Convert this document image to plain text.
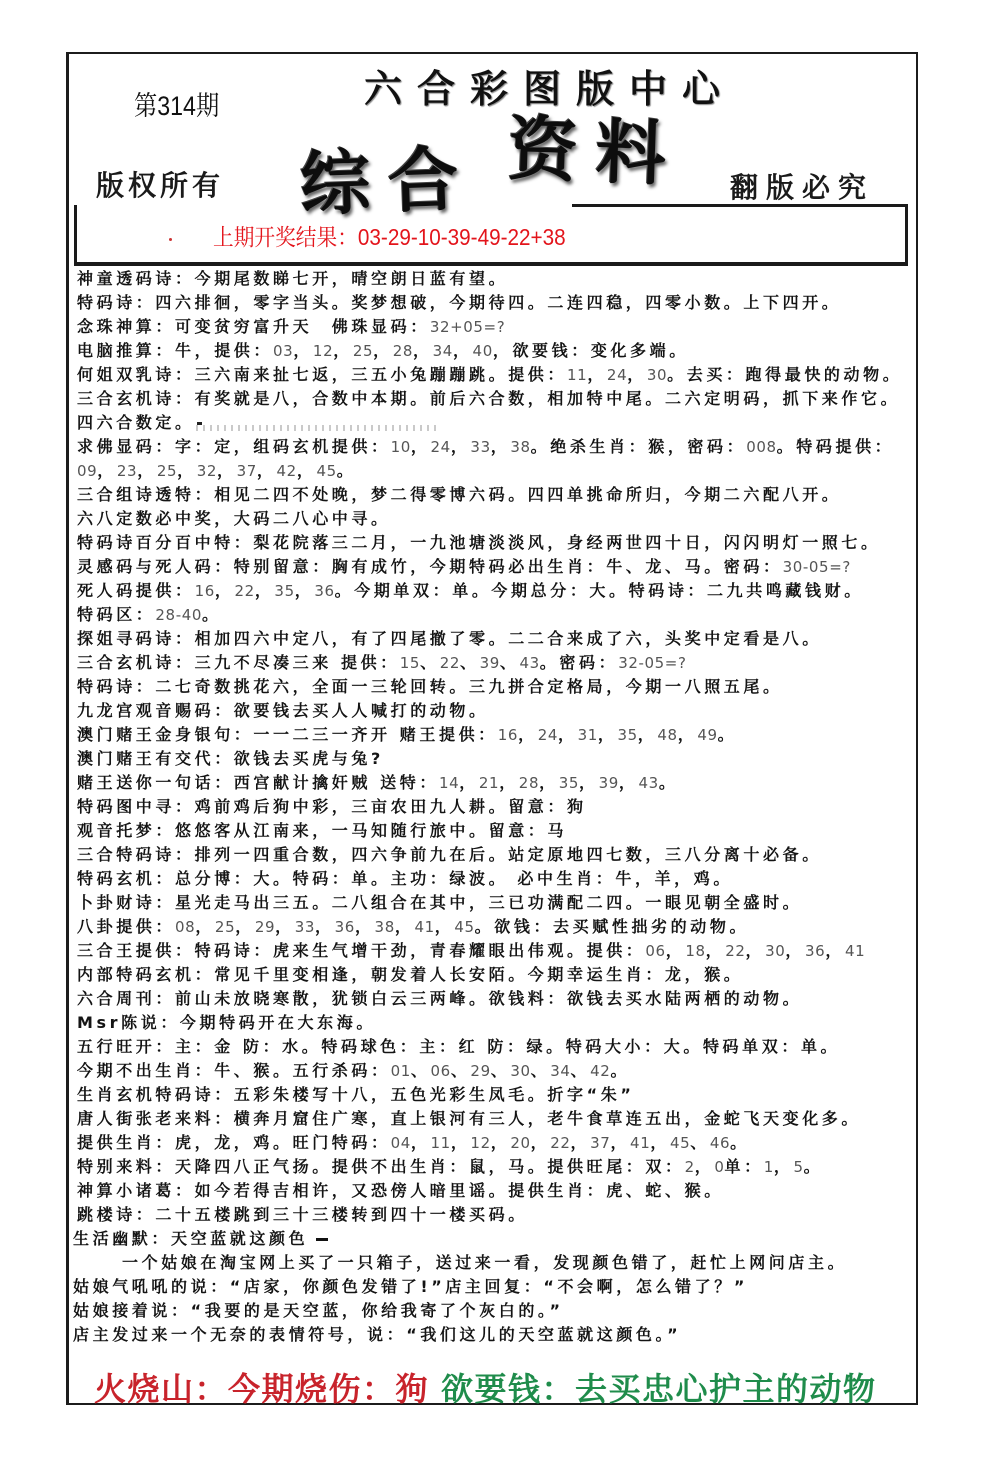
第314期	六合彩图版中心
综合 资料
版权所有	翻版必究
上期开奖结果：03-29-10-39-49-22+38
神童透码诗：今期尾数睇七开，晴空朗日蓝有望。
特码诗：四六排徊，零字当头。奖梦想破，今期待四。二连四稳，四零小数。上下四开。
念珠神算：可变贫穷富升天　佛珠显码：32+05=?
电脑推算：牛，提供：03，12，25，28，34，40，欲要钱：变化多端。
何姐双乳诗：三六南来扯七返，三五小兔蹦蹦跳。提供：11，24，30。去买：跑得最快的动物。
三合玄机诗：有奖就是八，合数中本期。前后六合数，相加特中尾。二六定明码，抓下来作它。
四六合数定。
求佛显码：字：定，组码玄机提供：10，24，33，38。绝杀生肖：猴，密码：008。特码提供：
09，23，25，32，37，42，45。
三合组诗透特：相见二四不处晚，梦二得零博六码。四四单挑命所归，今期二六配八开。
六八定数必中奖，大码二八心中寻。
特码诗百分百中特：梨花院落三二月，一九池塘淡淡风，身经两世四十日，闪闪明灯一照七。
灵感码与死人码：特别留意：胸有成竹，今期特码必出生肖：牛、龙、马。密码：30-05=?
死人码提供：16，22，35，36。今期单双：单。今期总分：大。特码诗：二九共鸣藏钱财。
特码区：28-40。
探姐寻码诗：相加四六中定八，有了四尾撤了零。二二合来成了六，头奖中定看是八。
三合玄机诗：三九不尽凑三来 提供：15、22、39、43。密码：32-05=?
特码诗：二七奇数挑花六，全面一三轮回转。三九拼合定格局，今期一八照五尾。
九龙宫观音赐码：欲要钱去买人人喊打的动物。
澳门赌王金身银句：一一二三一齐开 赌王提供：16，24，31，35，48，49。
澳门赌王有交代：欲钱去买虎与兔?
赌王送你一句话：西宫献计擒奸贼 送特：14，21，28，35，39，43。
特码图中寻：鸡前鸡后狗中彩，三亩农田九人耕。留意：狗
观音托梦：悠悠客从江南来，一马知随行旅中。留意：马
三合特码诗：排列一四重合数，四六争前九在后。站定原地四七数，三八分离十必备。
特码玄机：总分博：大。特码：单。主功：绿波。 必中生肖：牛，羊，鸡。
卜卦财诗：星光走马出三五。二八组合在其中，三已功满配二四。一眼见朝全盛时。
八卦提供：08，25，29，33，36，38，41，45。欲钱：去买赋性拙劣的动物。
三合王提供：特码诗：虎来生气增干劲，青春耀眼出伟观。提供：06，18，22，30，36，41
内部特码玄机：常见千里变相逢，朝发着人长安陌。今期幸运生肖：龙，猴。
六合周刊：前山未放晓寒散，犹锁白云三两峰。欲钱料：欲钱去买水陆两栖的动物。
Msr陈说：今期特码开在大东海。
五行旺开：主：金 防：水。特码球色：主：红 防：绿。特码大小：大。特码单双：单。
今期不出生肖：牛、猴。五行杀码：01、06、29、30、34、42。
生肖玄机特码诗：五彩朱楼写十八，五色光彩生凤毛。折字“朱”
唐人街张老来料：横奔月窟住广寒，直上银河有三人，老牛食草连五出，金蛇飞天变化多。
提供生肖：虎，龙，鸡。旺门特码：04，11，12，20，22，37，41，45、46。
特别来料：天降四八正气扬。提供不出生肖：鼠，马。提供旺尾：双：2，0单：1，5。
神算小诸葛：如今若得吉相许，又恐傍人暗里谣。提供生肖：虎、蛇、猴。
跳楼诗：二十五楼跳到三十三楼转到四十一楼买码。
生活幽默：天空蓝就这颜色
一个姑娘在淘宝网上买了一只箱子，送过来一看，发现颜色错了，赶忙上网问店主。
姑娘气吼吼的说：“店家，你颜色发错了!”店主回复：“不会啊，怎么错了？”
姑娘接着说：“我要的是天空蓝，你给我寄了个灰白的。”
店主发过来一个无奈的表情符号，说：“我们这儿的天空蓝就这颜色。”
火烧山：今期烧伤：狗 欲要钱：去买忠心护主的动物
